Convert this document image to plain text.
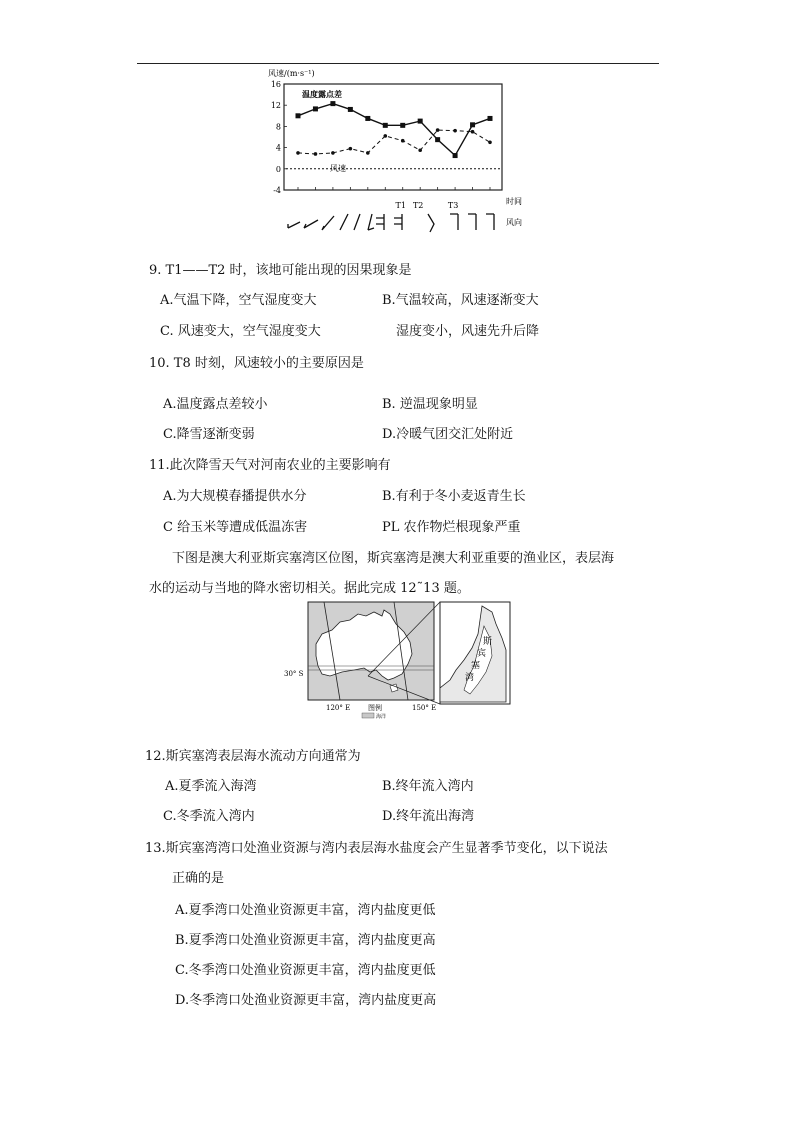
16
12
8
4
0
-4
T1 T2	T3
风速/(m·s⁻¹)
时间
风向
温度露点差
风速
9. T1——T2 时，该地可能出现的因果现象是
A.气温下降，空气湿度变大	B.气温较高，风速逐渐变大
C. 风速变大，空气湿度变大	湿度变小，风速先升后降
10. T8 时刻，风速较小的主要原因是
A.温度露点差较小	B. 逆温现象明显
C.降雪逐渐变弱	D.冷暖气团交汇处附近
11.此次降雪天气对河南农业的主要影响有
A.为大规模春播提供水分	B.有利于冬小麦返青生长
C 给玉米等遭成低温冻害	PL 农作物烂根现象严重
下图是澳大利亚斯宾塞湾区位图，斯宾塞湾是澳大利亚重要的渔业区，表层海
水的运动与当地的降水密切相关。据此完成 12˜13 题。
斯
宾
塞
湾
30° S
120° E	150° E
图例
海洋
12.斯宾塞湾表层海水流动方向通常为
A.夏季流入海湾	B.终年流入湾内
C.冬季流入湾内	D.终年流出海湾
13.斯宾塞湾湾口处渔业资源与湾内表层海水盐度会产生显著季节变化，以下说法
正确的是
A.夏季湾口处渔业资源更丰富，湾内盐度更低
B.夏季湾口处渔业资源更丰富，湾内盐度更高
C.冬季湾口处渔业资源更丰富，湾内盐度更低
D.冬季湾口处渔业资源更丰富，湾内盐度更高
